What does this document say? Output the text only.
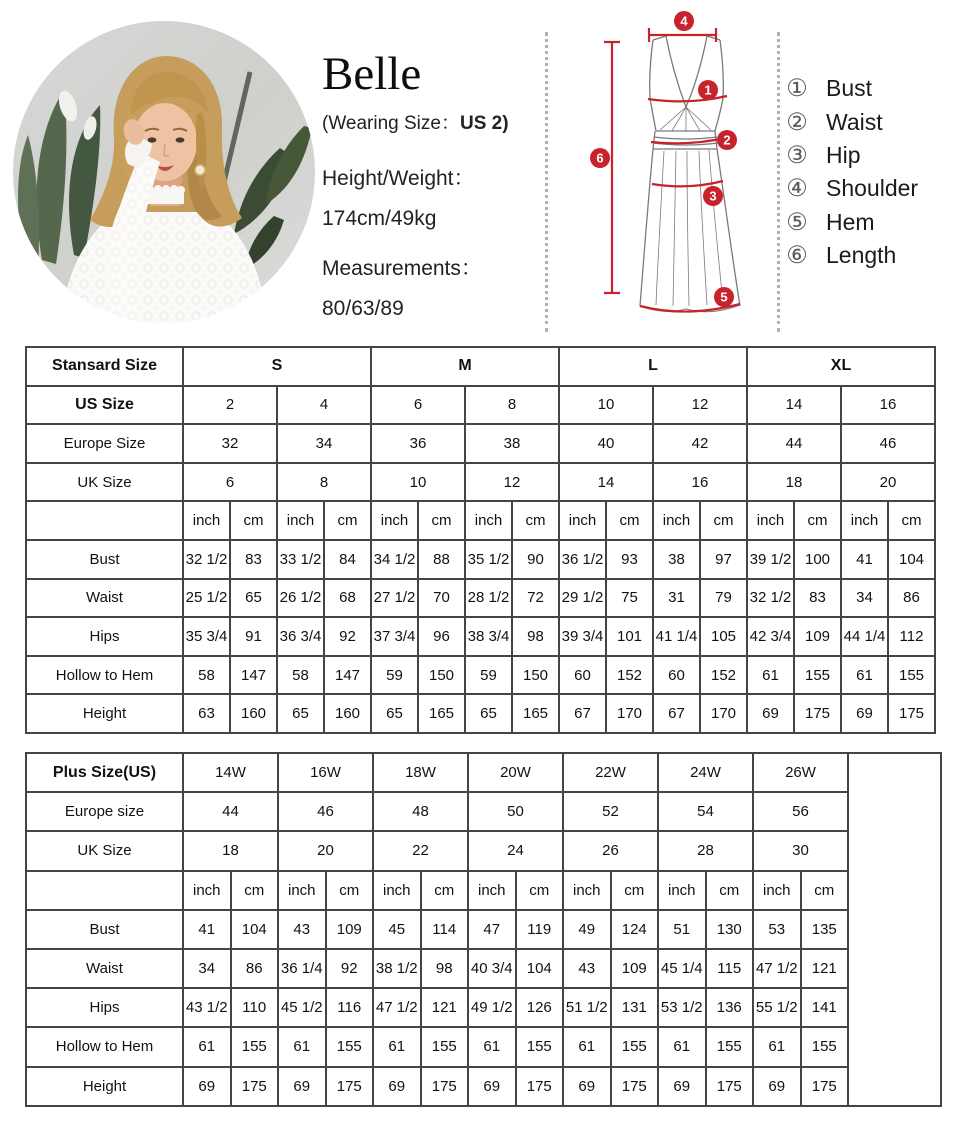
Belle
(Wearing Size：US 2)
Height/Weight：
174cm/49kg
Measurements：
80/63/89
1
2
3
4
5
6
① Bust
② Waist
③ Hip
④ Shoulder
⑤ Hem
⑥ Length
Stansard Size	S				M				L				XL			
US Size	2		4		6		8		10		12		14		16	
Europe Size	32		34		36		38		40		42		44		46	
UK Size	6		8		10		12		14		16		18		20	
	inch	cm	inch	cm	inch	cm	inch	cm	inch	cm	inch	cm	inch	cm	inch	cm
Bust	32 1/2	83	33 1/2	84	34 1/2	88	35 1/2	90	36 1/2	93	38	97	39 1/2	100	41	104
Waist	25 1/2	65	26 1/2	68	27 1/2	70	28 1/2	72	29 1/2	75	31	79	32 1/2	83	34	86
Hips	35 3/4	91	36 3/4	92	37 3/4	96	38 3/4	98	39 3/4	101	41 1/4	105	42 3/4	109	44 1/4	112
Hollow to Hem	58	147	58	147	59	150	59	150	60	152	60	152	61	155	61	155
Height	63	160	65	160	65	165	65	165	67	170	67	170	69	175	69	175
Plus Size(US)	14W		16W		18W		20W		22W		24W		26W		
Europe size	44		46		48		50		52		54		56		
UK Size	18		20		22		24		26		28		30		
	inch	cm	inch	cm	inch	cm	inch	cm	inch	cm	inch	cm	inch	cm	
Bust	41	104	43	109	45	114	47	119	49	124	51	130	53	135	
Waist	34	86	36 1/4	92	38 1/2	98	40 3/4	104	43	109	45 1/4	115	47 1/2	121	
Hips	43 1/2	110	45 1/2	116	47 1/2	121	49 1/2	126	51 1/2	131	53 1/2	136	55 1/2	141	
Hollow to Hem	61	155	61	155	61	155	61	155	61	155	61	155	61	155	
Height	69	175	69	175	69	175	69	175	69	175	69	175	69	175	
